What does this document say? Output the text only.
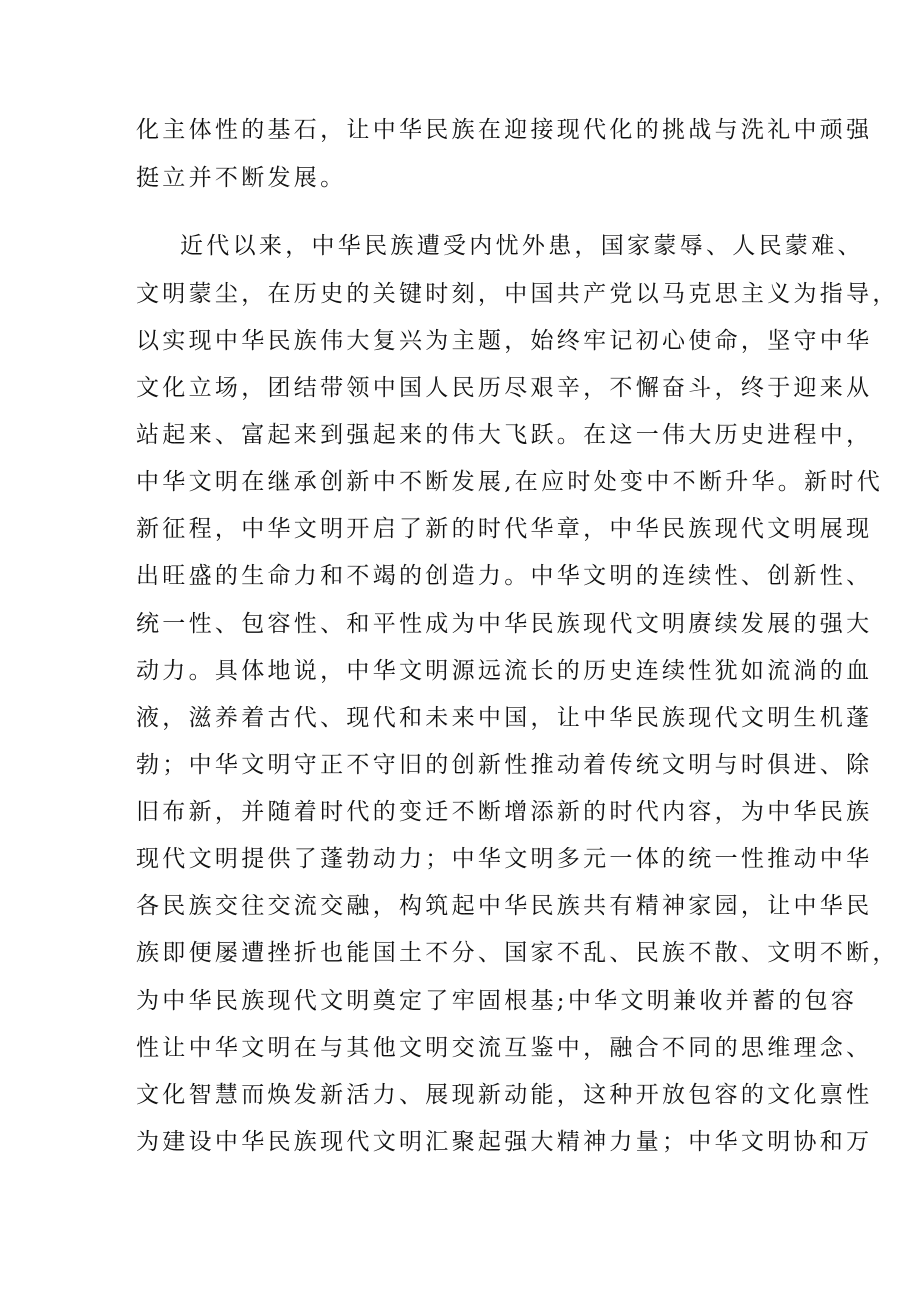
化主体性的基石，让中华民族在迎接现代化的挑战与洗礼中顽强
挺立并不断发展。
近代以来，中华民族遭受内忧外患，国家蒙辱、人民蒙难、
文明蒙尘，在历史的关键时刻，中国共产党以马克思主义为指导，
以实现中华民族伟大复兴为主题，始终牢记初心使命，坚守中华
文化立场，团结带领中国人民历尽艰辛，不懈奋斗，终于迎来从
站起来、富起来到强起来的伟大飞跃。在这一伟大历史进程中，
中华文明在继承创新中不断发展,在应时处变中不断升华。新时代
新征程，中华文明开启了新的时代华章，中华民族现代文明展现
出旺盛的生命力和不竭的创造力。中华文明的连续性、创新性、
统一性、包容性、和平性成为中华民族现代文明赓续发展的强大
动力。具体地说，中华文明源远流长的历史连续性犹如流淌的血
液，滋养着古代、现代和未来中国，让中华民族现代文明生机蓬
勃；中华文明守正不守旧的创新性推动着传统文明与时俱进、除
旧布新，并随着时代的变迁不断增添新的时代内容，为中华民族
现代文明提供了蓬勃动力；中华文明多元一体的统一性推动中华
各民族交往交流交融，构筑起中华民族共有精神家园，让中华民
族即便屡遭挫折也能国土不分、国家不乱、民族不散、文明不断，
为中华民族现代文明奠定了牢固根基;中华文明兼收并蓄的包容
性让中华文明在与其他文明交流互鉴中，融合不同的思维理念、
文化智慧而焕发新活力、展现新动能，这种开放包容的文化禀性
为建设中华民族现代文明汇聚起强大精神力量；中华文明协和万
